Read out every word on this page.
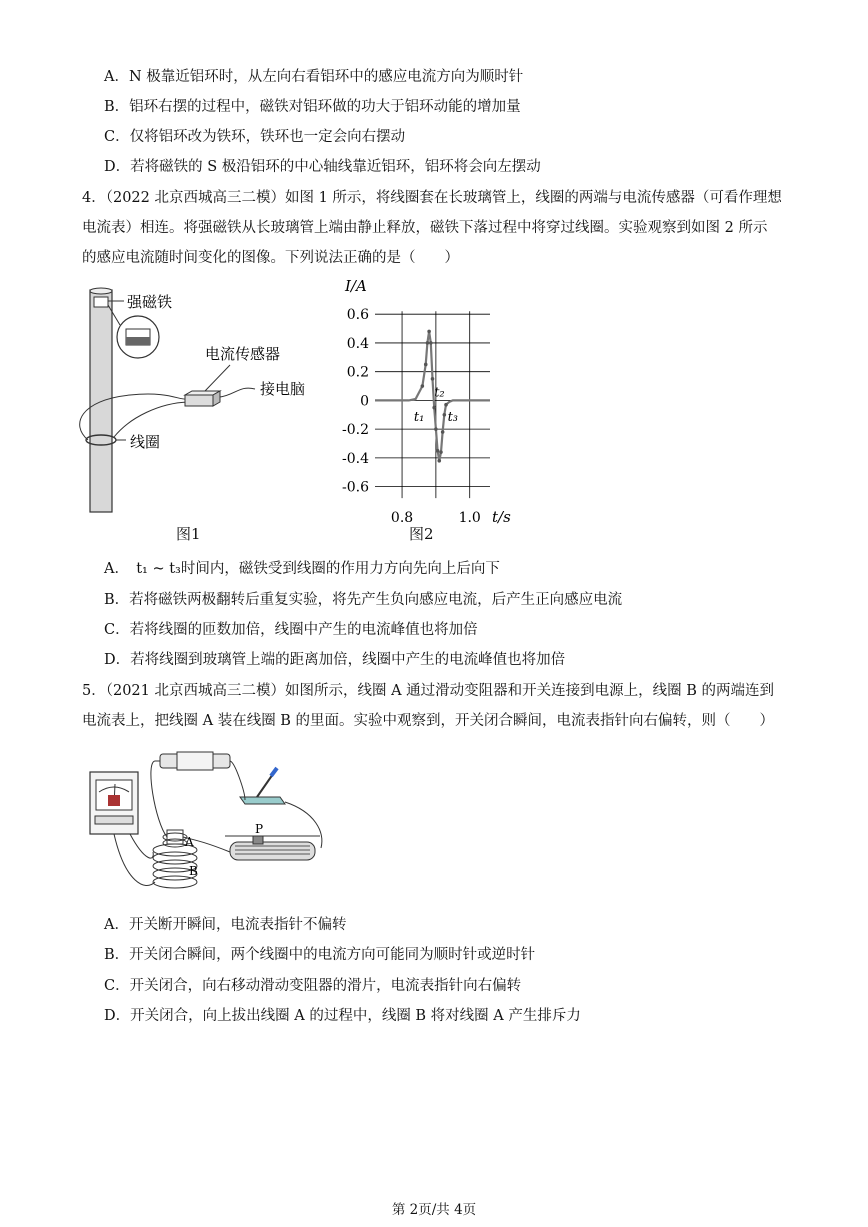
A．N 极靠近铝环时，从左向右看铝环中的感应电流方向为顺时针
B．铝环右摆的过程中，磁铁对铝环做的功大于铝环动能的增加量
C．仅将铝环改为铁环，铁环也一定会向右摆动
D．若将磁铁的 S 极沿铝环的中心轴线靠近铝环，铝环将会向左摆动
4．（2022 北京西城高三二模）如图 1 所示，将线圈套在长玻璃管上，线圈的两端与电流传感器（可看作理想
电流表）相连。将强磁铁从长玻璃管上端由静止释放，磁铁下落过程中将穿过线圈。实验观察到如图 2 所示
的感应电流随时间变化的图像。下列说法正确的是（　　）
强磁铁
电流传感器
接电脑
线圈
图1
0.6
0.4
0.2
0
-0.2
-0.4
-0.6
0.8	1.0
I/A
t/s
t₁
t₂
t₃
图2
A．　t₁ ~ t₃时间内，磁铁受到线圈的作用力方向先向上后向下
B．若将磁铁两极翻转后重复实验，将先产生负向感应电流，后产生正向感应电流
C．若将线圈的匝数加倍，线圈中产生的电流峰值也将加倍
D．若将线圈到玻璃管上端的距离加倍，线圈中产生的电流峰值也将加倍
5．（2021 北京西城高三二模）如图所示，线圈 A 通过滑动变阻器和开关连接到电源上，线圈 B 的两端连到
电流表上，把线圈 A 装在线圈 B 的里面。实验中观察到，开关闭合瞬间，电流表指针向右偏转，则（　　）
P
A
B
A．开关断开瞬间，电流表指针不偏转
B．开关闭合瞬间，两个线圈中的电流方向可能同为顺时针或逆时针
C．开关闭合，向右移动滑动变阻器的滑片，电流表指针向右偏转
D．开关闭合，向上拔出线圈 A 的过程中，线圈 B 将对线圈 A 产生排斥力
第 2页/共 4页
